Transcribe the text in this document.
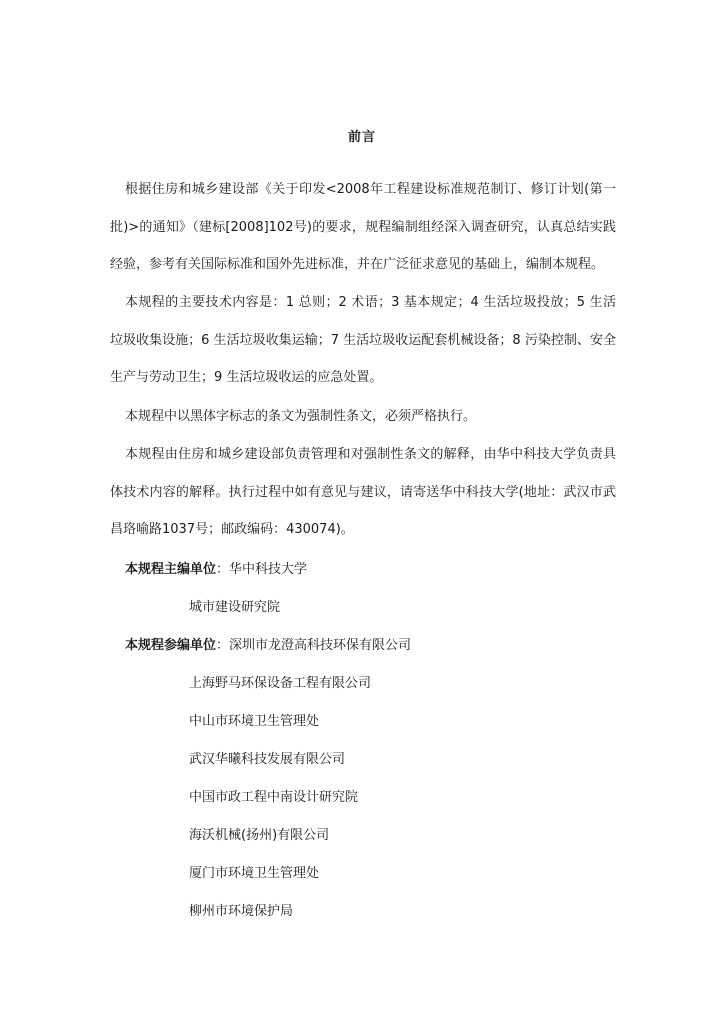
前言

根据住房和城乡建设部《关于印发<2008年工程建设标准规范制订、修订计划(第一批)>的通知》（建标[2008]102号)的要求，规程编制组经深入调查研究，认真总结实践经验，参考有关国际标准和国外先进标准，并在广泛征求意见的基础上，编制本规程。

本规程的主要技术内容是：1 总则；2 术语；3 基本规定；4 生活垃圾投放；5 生活垃圾收集设施；6 生活垃圾收集运输；7 生活垃圾收运配套机械设备；8 污染控制、安全生产与劳动卫生；9 生活垃圾收运的应急处置。

本规程中以黑体字标志的条文为强制性条文，必须严格执行。

本规程由住房和城乡建设部负责管理和对强制性条文的解释，由华中科技大学负责具体技术内容的解释。执行过程中如有意见与建议，请寄送华中科技大学(地址：武汉市武昌珞喻路1037号；邮政编码：430074)。

本规程主编单位：华中科技大学
城市建设研究院
本规程参编单位：深圳市龙澄高科技环保有限公司
上海野马环保设备工程有限公司
中山市环境卫生管理处
武汉华曦科技发展有限公司
中国市政工程中南设计研究院
海沃机械(扬州)有限公司
厦门市环境卫生管理处
柳州市环境保护局
